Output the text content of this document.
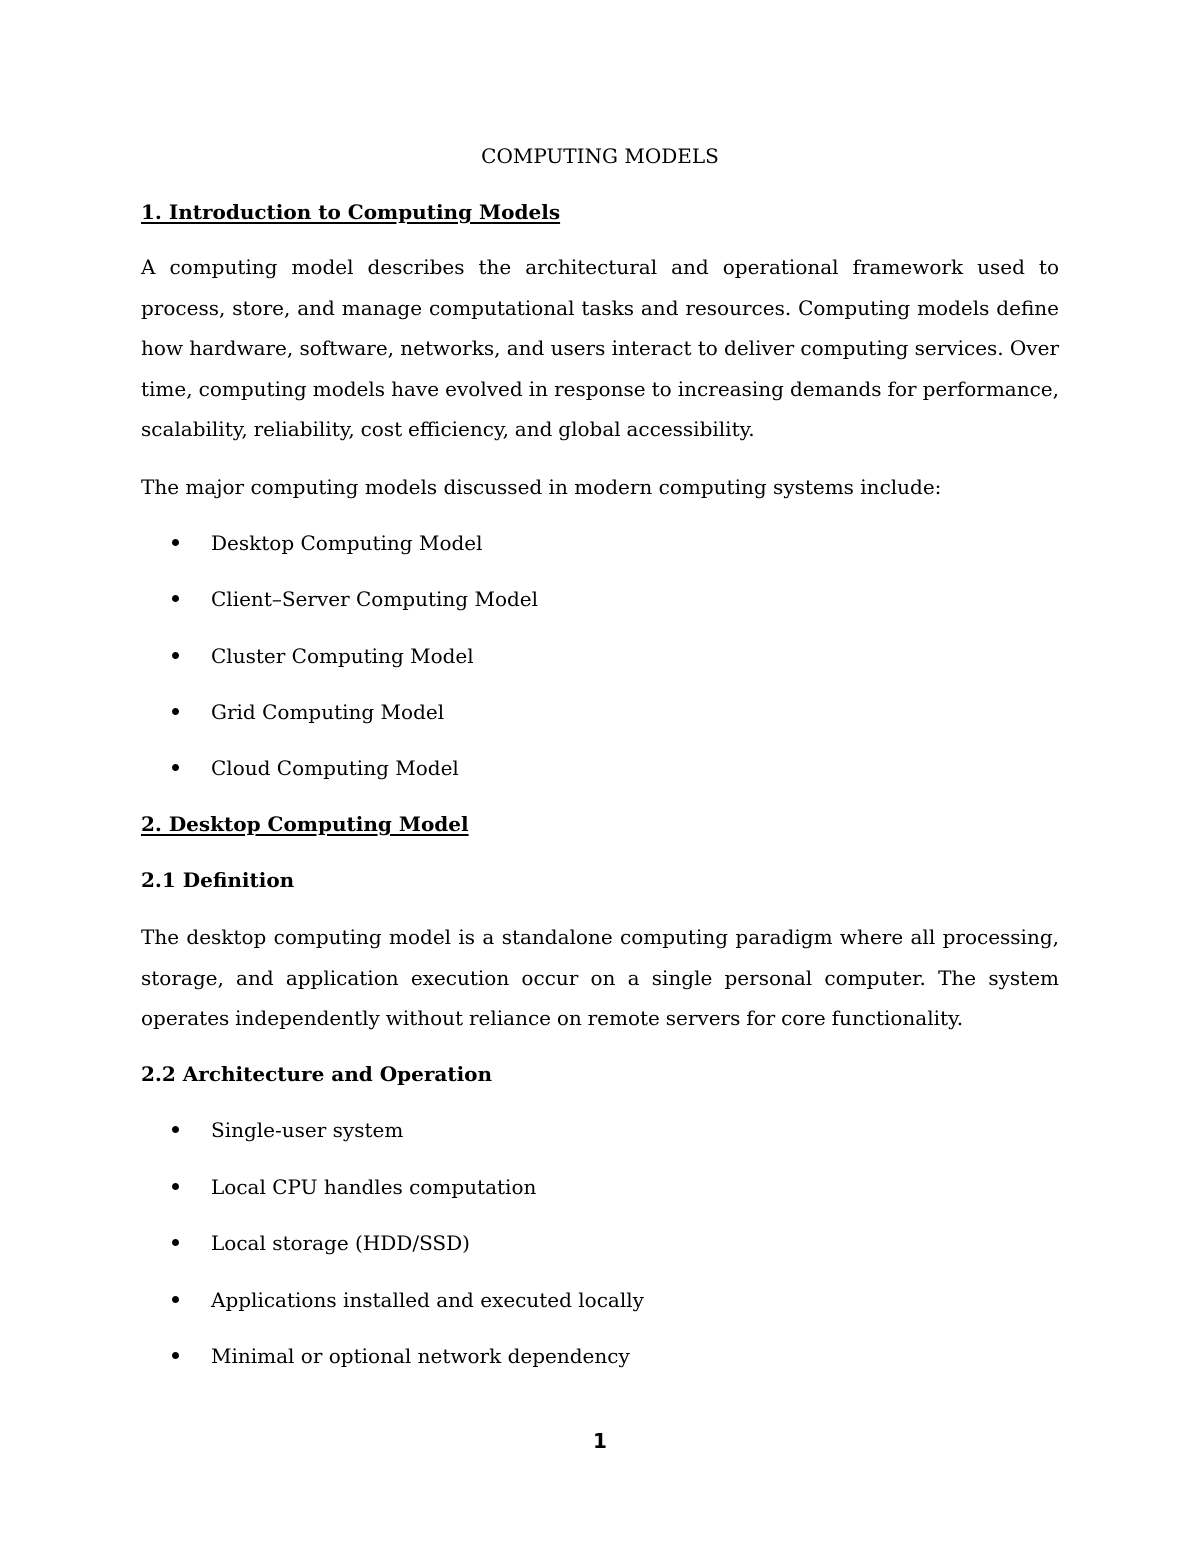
COMPUTING MODELS

1. Introduction to Computing Models

A computing model describes the architectural and operational framework used to process, store, and manage computational tasks and resources. Computing models define how hardware, software, networks, and users interact to deliver computing services. Over time, computing models have evolved in response to increasing demands for performance, scalability, reliability, cost efficiency, and global accessibility.

The major computing models discussed in modern computing systems include:

Desktop Computing Model
Client–Server Computing Model
Cluster Computing Model
Grid Computing Model
Cloud Computing Model

2. Desktop Computing Model

2.1 Definition

The desktop computing model is a standalone computing paradigm where all processing, storage, and application execution occur on a single personal computer. The system operates independently without reliance on remote servers for core functionality.

2.2 Architecture and Operation

Single-user system
Local CPU handles computation
Local storage (HDD/SSD)
Applications installed and executed locally
Minimal or optional network dependency

1
